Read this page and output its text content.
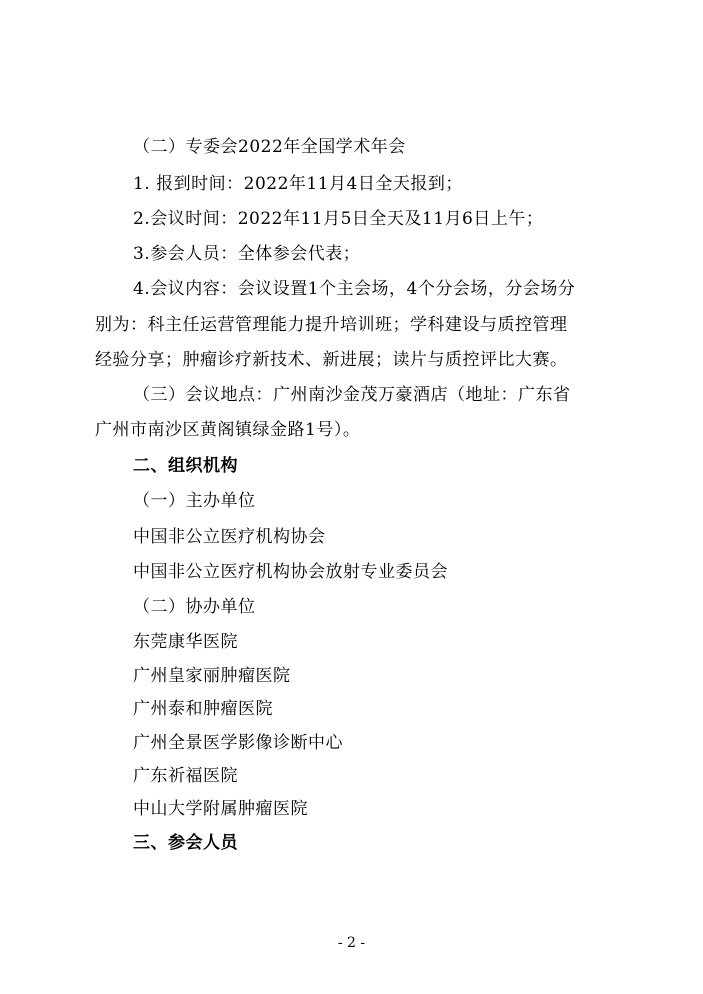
（二）专委会2022年全国学术年会
1. 报到时间：2022年11月4日全天报到；
2.会议时间：2022年11月5日全天及11月6日上午；
3.参会人员：全体参会代表；
4.会议内容：会议设置1个主会场，4个分会场，分会场分
别为：科主任运营管理能力提升培训班；学科建设与质控管理
经验分享；肿瘤诊疗新技术、新进展；读片与质控评比大赛。
（三）会议地点：广州南沙金茂万豪酒店（地址：广东省
广州市南沙区黄阁镇绿金路1号）。
二、组织机构
（一）主办单位
中国非公立医疗机构协会
中国非公立医疗机构协会放射专业委员会
（二）协办单位
东莞康华医院
广州皇家丽肿瘤医院
广州泰和肿瘤医院
广州全景医学影像诊断中心
广东祈福医院
中山大学附属肿瘤医院
三、参会人员
- 2 -
